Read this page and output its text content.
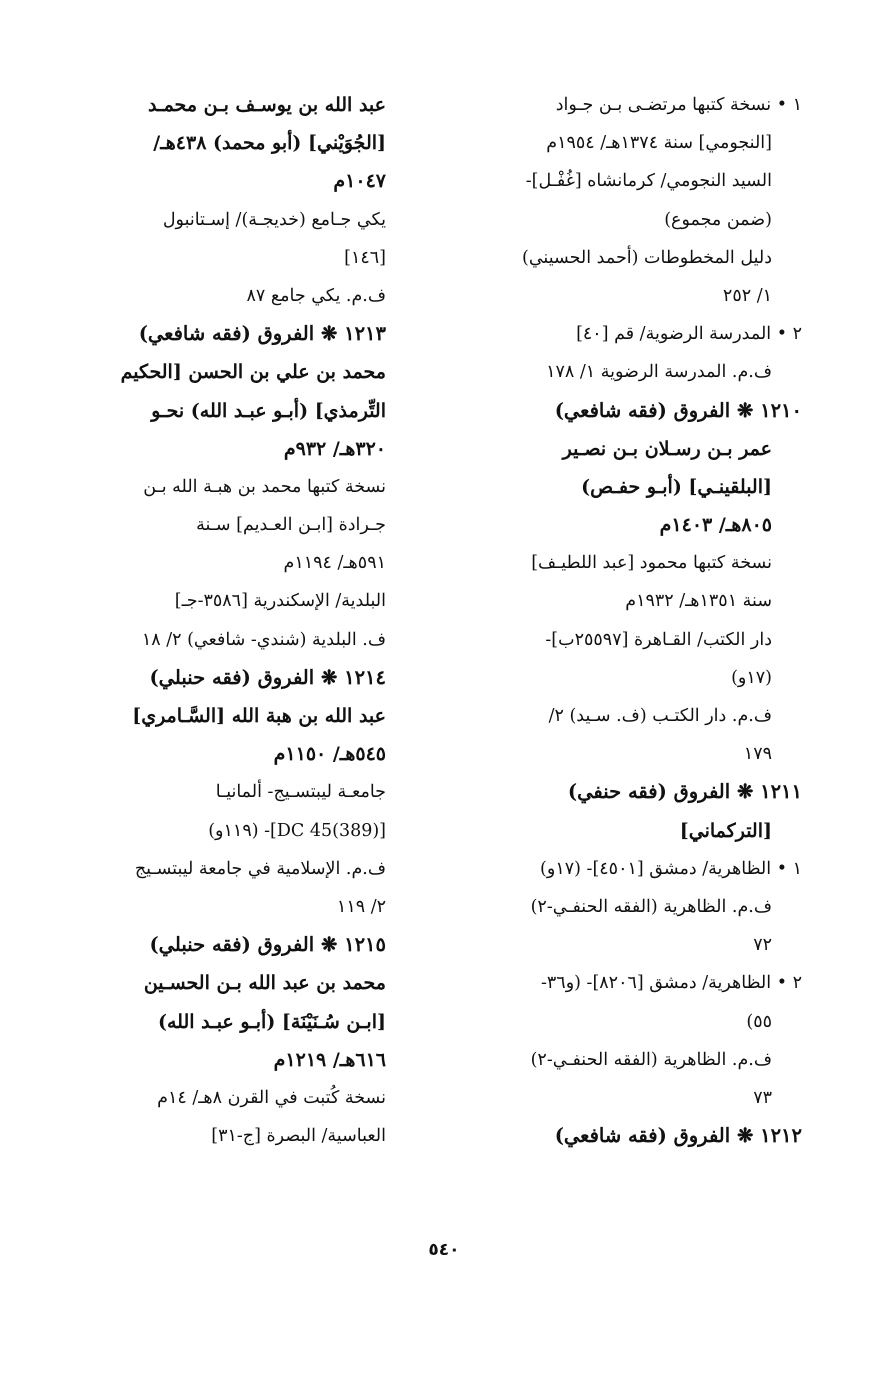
١ • نسخة كتبها مرتضـى بـن جـواد
[النجومي] سنة ١٣٧٤هـ/ ١٩٥٤م
السيد النجومي/ كرمانشاه [غُفْـل]-
(ضمن مجموع)
دليل المخطوطات (أحمد الحسيني)
١/ ٢٥٢
٢ • المدرسة الرضوية/ قم [٤٠]
ف.م. المدرسة الرضوية ١/ ١٧٨
١٢١٠ ❋ الفروق (فقه شافعي)
عمر بـن رسـلان بـن نصـير
[البلقينـي] (أبـو حفـص)
٨٠٥هـ/ ١٤٠٣م
نسخة كتبها محمود [عبد اللطيـف]
سنة ١٣٥١هـ/ ١٩٣٢م
دار الكتب/ القـاهرة [٢٥٥٩٧ب]-
(١٧و)
ف.م. دار الكتـب (ف. سـيد) ٢/
١٧٩
١٢١١ ❋ الفروق (فقه حنفي)
[التركماني]
١ • الظاهرية/ دمشق [٤٥٠١]- (١٧و)
ف.م. الظاهرية (الفقه الحنفـي-٢)
٧٢
٢ • الظاهرية/ دمشق [٨٢٠٦]- (و٣٦-
٥٥)
ف.م. الظاهرية (الفقه الحنفـي-٢)
٧٣
١٢١٢ ❋ الفروق (فقه شافعي)
عبد الله بن يوسـف بـن محمـد
[الجُوَيْني] (أبو محمد) ٤٣٨هـ/
١٠٤٧م
يكي جـامع (خديجـة)/ إسـتانبول
[١٤٦]
ف.م. يكي جامع ٨٧
١٢١٣ ❋ الفروق (فقه شافعي)
محمد بن علي بن الحسن [الحكيم
التِّرمذي] (أبـو عبـد الله) نحـو
٣٢٠هـ/ ٩٣٢م
نسخة كتبها محمد بن هبـة الله بـن
جـرادة [ابـن العـديم] سـنة
٥٩١هـ/ ١١٩٤م
البلدية/ الإسكندرية [٣٥٨٦-جـ]
ف. البلدية (شندي- شافعي) ٢/ ١٨
١٢١٤ ❋ الفروق (فقه حنبلي)
عبد الله بن هبة الله [السَّـامري]
٥٤٥هـ/ ١١٥٠م
جامعـة ليبتسـيج- ألمانيـا
[DC 45(389)]- (١١٩و)
ف.م. الإسلامية في جامعة ليبتسـيج
٢/ ١١٩
١٢١٥ ❋ الفروق (فقه حنبلي)
محمد بن عبد الله بـن الحسـين
[ابـن سُـنَيْنَة] (أبـو عبـد الله)
٦١٦هـ/ ١٢١٩م
نسخة كُتبت في القرن ٨هـ/ ١٤م
العباسية/ البصرة [ج-٣١]
٥٤٠
